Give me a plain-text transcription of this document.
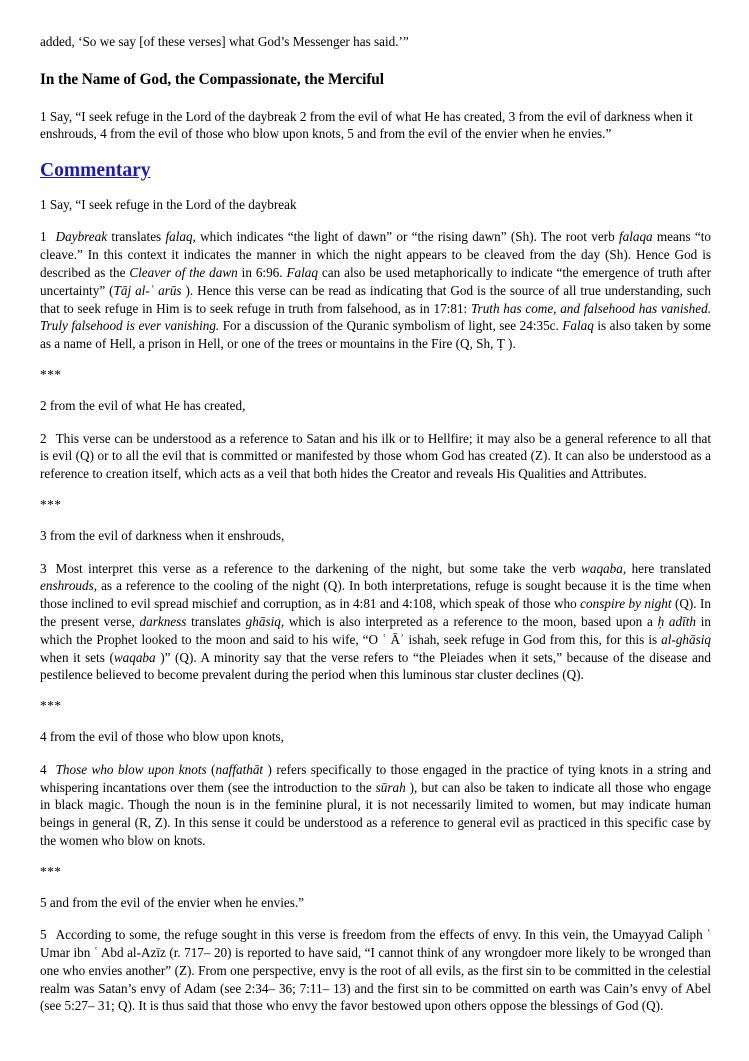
added, ‘So we say [of these verses] what God’s Messenger has said.’”

In the Name of God, the Compassionate, the Merciful

1 Say, “I seek refuge in the Lord of the daybreak 2 from the evil of what He has created, 3 from the evil of darkness when it enshrouds, 4 from the evil of those who blow upon knots, 5 and from the evil of the envier when he envies.”

Commentary

1 Say, “I seek refuge in the Lord of the daybreak

1 Daybreak translates falaq, which indicates “the light of dawn” or “the rising dawn” (Sh). The root verb falaqa means “to cleave.” In this context it indicates the manner in which the night appears to be cleaved from the day (Sh). Hence God is described as the Cleaver of the dawn in 6:96. Falaq can also be used metaphorically to indicate “the emergence of truth after uncertainty” (Tāj al-ʿ arūs ). Hence this verse can be read as indicating that God is the source of all true understanding, such that to seek refuge in Him is to seek refuge in truth from falsehood, as in 17:81: Truth has come, and falsehood has vanished. Truly falsehood is ever vanishing. For a discussion of the Quranic symbolism of light, see 24:35c. Falaq is also taken by some as a name of Hell, a prison in Hell, or one of the trees or mountains in the Fire (Q, Sh, Ṭ ).

***

2 from the evil of what He has created,

2 This verse can be understood as a reference to Satan and his ilk or to Hellfire; it may also be a general reference to all that is evil (Q) or to all the evil that is committed or manifested by those whom God has created (Z). It can also be understood as a reference to creation itself, which acts as a veil that both hides the Creator and reveals His Qualities and Attributes.

***

3 from the evil of darkness when it enshrouds,

3 Most interpret this verse as a reference to the darkening of the night, but some take the verb waqaba, here translated enshrouds, as a reference to the cooling of the night (Q). In both interpretations, refuge is sought because it is the time when those inclined to evil spread mischief and corruption, as in 4:81 and 4:108, which speak of those who conspire by night (Q). In the present verse, darkness translates ghāsiq, which is also interpreted as a reference to the moon, based upon a ḥ adīth in which the Prophet looked to the moon and said to his wife, “O ʿ Āʾ ishah, seek refuge in God from this, for this is al-ghāsiq when it sets (waqaba )” (Q). A minority say that the verse refers to “the Pleiades when it sets,” because of the disease and pestilence believed to become prevalent during the period when this luminous star cluster declines (Q).

***

4 from the evil of those who blow upon knots,

4 Those who blow upon knots (naffathāt ) refers specifically to those engaged in the practice of tying knots in a string and whispering incantations over them (see the introduction to the sūrah ), but can also be taken to indicate all those who engage in black magic. Though the noun is in the feminine plural, it is not necessarily limited to women, but may indicate human beings in general (R, Z). In this sense it could be understood as a reference to general evil as practiced in this specific case by the women who blow on knots.

***

5 and from the evil of the envier when he envies.”

5 According to some, the refuge sought in this verse is freedom from the effects of envy. In this vein, the Umayyad Caliph ʿ Umar ibn ʿ Abd al-Azīz (r. 717– 20) is reported to have said, “I cannot think of any wrongdoer more likely to be wronged than one who envies another” (Z). From one perspective, envy is the root of all evils, as the first sin to be committed in the celestial realm was Satan’s envy of Adam (see 2:34– 36; 7:11– 13) and the first sin to be committed on earth was Cain’s envy of Abel (see 5:27– 31; Q). It is thus said that those who envy the favor bestowed upon others oppose the blessings of God (Q).
